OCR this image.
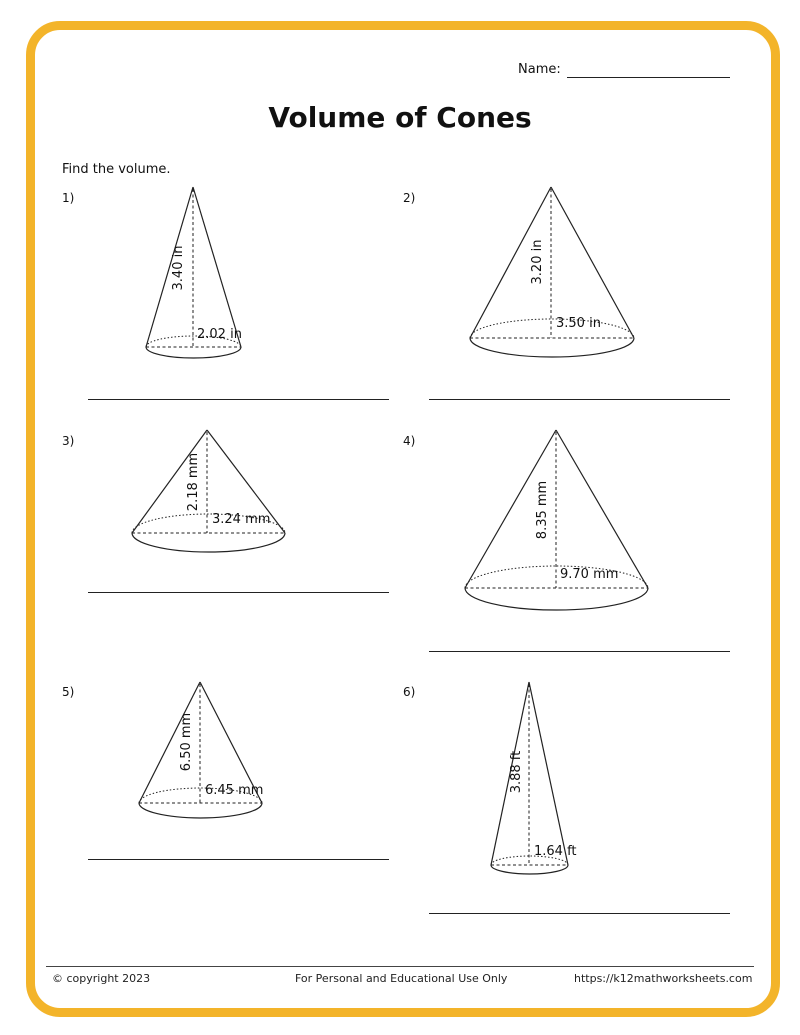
Name:
Volume of Cones
Find the volume.
1)	2)
3)	4)
5)	6)
3.40 in
2.02 in
3.20 in
3.50 in
2.18 mm
3.24 mm	8.35 mm
9.70 mm
6.50 mm
6.45 mm	3.88 ft
1.64 ft
© copyright 2023	For Personal and Educational Use Only	https://k12mathworksheets.com
